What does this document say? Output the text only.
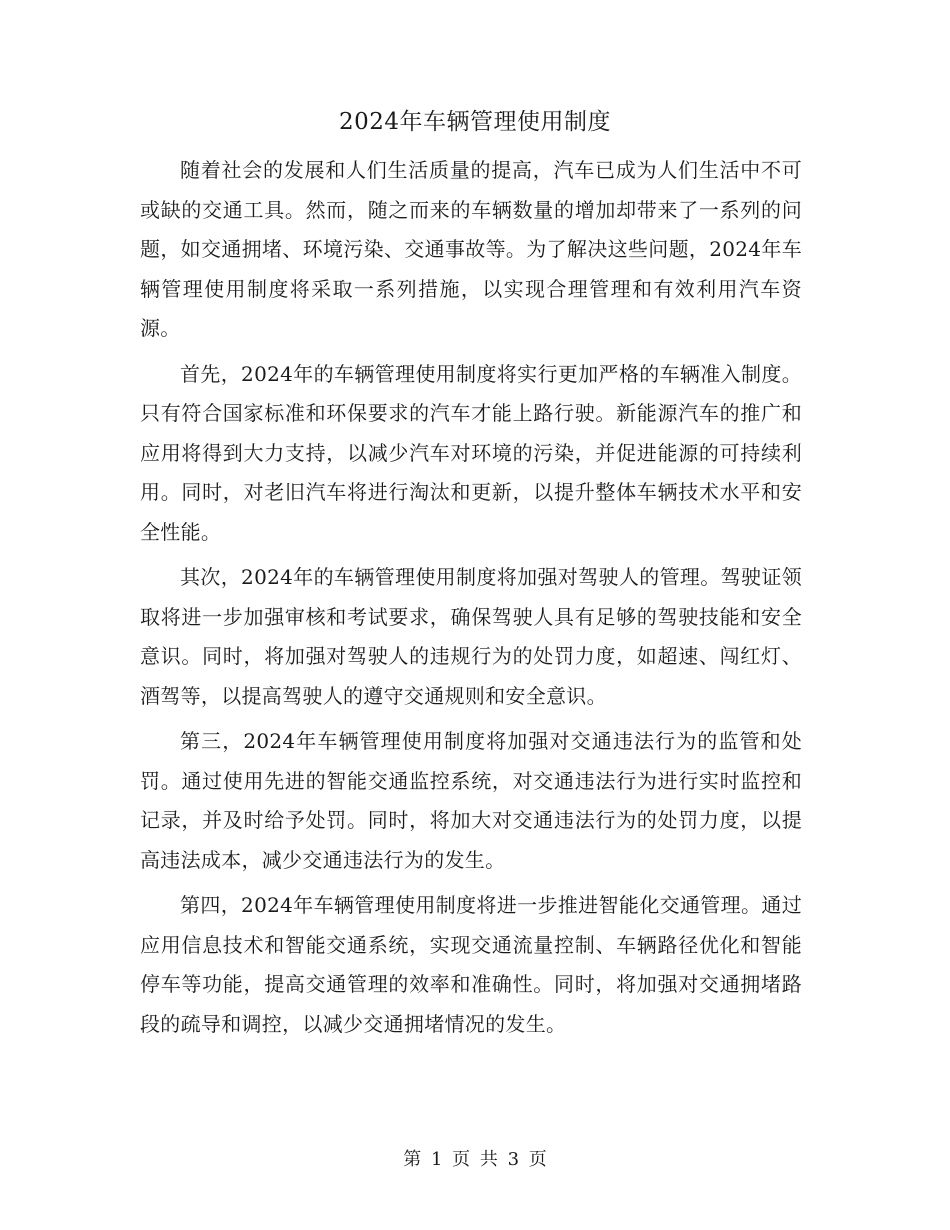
2024年车辆管理使用制度

随着社会的发展和人们生活质量的提高，汽车已成为人们生活中不可或缺的交通工具。然而，随之而来的车辆数量的增加却带来了一系列的问题，如交通拥堵、环境污染、交通事故等。为了解决这些问题，2024年车辆管理使用制度将采取一系列措施，以实现合理管理和有效利用汽车资源。

首先，2024年的车辆管理使用制度将实行更加严格的车辆准入制度。只有符合国家标准和环保要求的汽车才能上路行驶。新能源汽车的推广和应用将得到大力支持，以减少汽车对环境的污染，并促进能源的可持续利用。同时，对老旧汽车将进行淘汰和更新，以提升整体车辆技术水平和安全性能。

其次，2024年的车辆管理使用制度将加强对驾驶人的管理。驾驶证领取将进一步加强审核和考试要求，确保驾驶人具有足够的驾驶技能和安全意识。同时，将加强对驾驶人的违规行为的处罚力度，如超速、闯红灯、酒驾等，以提高驾驶人的遵守交通规则和安全意识。

第三，2024年车辆管理使用制度将加强对交通违法行为的监管和处罚。通过使用先进的智能交通监控系统，对交通违法行为进行实时监控和记录，并及时给予处罚。同时，将加大对交通违法行为的处罚力度，以提高违法成本，减少交通违法行为的发生。

第四，2024年车辆管理使用制度将进一步推进智能化交通管理。通过应用信息技术和智能交通系统，实现交通流量控制、车辆路径优化和智能停车等功能，提高交通管理的效率和准确性。同时，将加强对交通拥堵路段的疏导和调控，以减少交通拥堵情况的发生。

第 1 页 共 3 页
